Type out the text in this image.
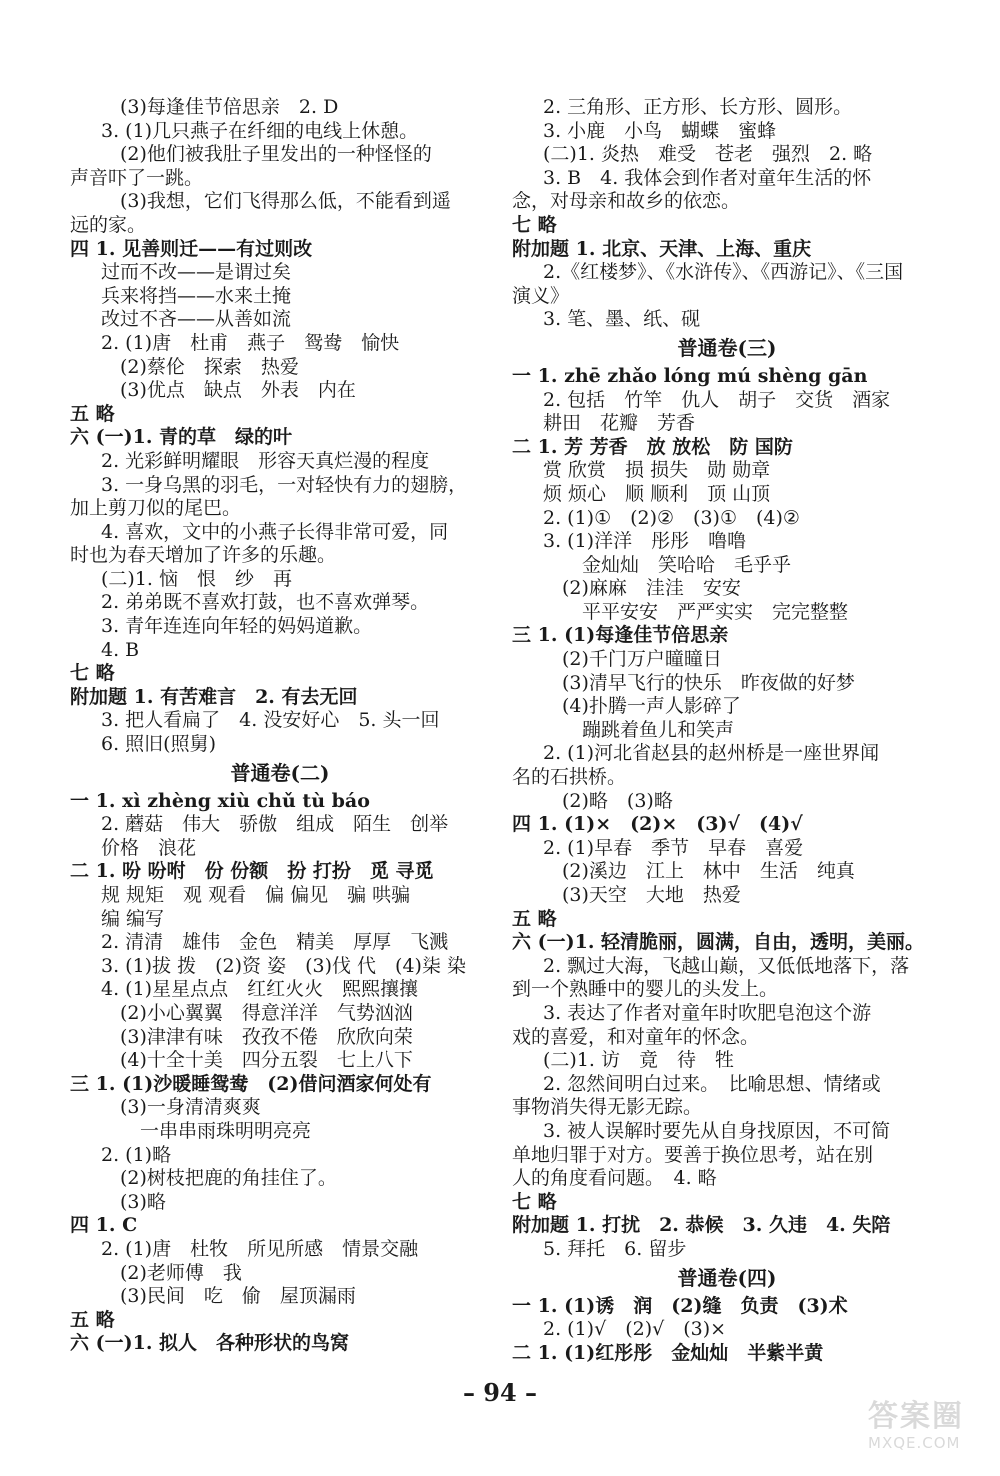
(3)每逢佳节倍思亲　2. D
3. (1)几只燕子在纤细的电线上休憩。
(2)他们被我肚子里发出的一种怪怪的
声音吓了一跳。
(3)我想，它们飞得那么低，不能看到遥
远的家。
四 1. 见善则迁——有过则改
过而不改——是谓过矣
兵来将挡——水来土掩
改过不吝——从善如流
2. (1)唐　杜甫　燕子　鸳鸯　愉快
(2)蔡伦　探索　热爱
(3)优点　缺点　外表　内在
五 略
六 (一)1. 青的草　绿的叶
2. 光彩鲜明耀眼　形容天真烂漫的程度
3. 一身乌黑的羽毛，一对轻快有力的翅膀，
加上剪刀似的尾巴。
4. 喜欢，文中的小燕子长得非常可爱，同
时也为春天增加了许多的乐趣。
(二)1. 恼　恨　纱　再
2. 弟弟既不喜欢打鼓，也不喜欢弹琴。
3. 青年连连向年轻的妈妈道歉。
4. B
七 略
附加题 1. 有苦难言　2. 有去无回
3. 把人看扁了　4. 没安好心　5. 头一回
6. 照旧(照舅)
普通卷(二)
一 1. xì zhèng xiù chǔ tù báo
2. 蘑菇　伟大　骄傲　组成　陌生　创举
价格　浪花
二 1. 吩 吩咐　份 份额　扮 打扮　觅 寻觅
规 规矩　观 观看　偏 偏见　骗 哄骗
编 编写
2. 清清　雄伟　金色　精美　厚厚　飞溅
3. (1)拔 拨　(2)资 姿　(3)伐 代　(4)柒 染
4. (1)星星点点　红红火火　熙熙攘攘
(2)小心翼翼　得意洋洋　气势汹汹
(3)津津有味　孜孜不倦　欣欣向荣
(4)十全十美　四分五裂　七上八下
三 1. (1)沙暖睡鸳鸯　(2)借问酒家何处有
(3)一身清清爽爽
一串串雨珠明明亮亮
2. (1)略
(2)树枝把鹿的角挂住了。
(3)略
四 1. C
2. (1)唐　杜牧　所见所感　情景交融
(2)老师傅　我
(3)民间　吃　偷　屋顶漏雨
五 略
六 (一)1. 拟人　各种形状的鸟窝
2. 三角形、正方形、长方形、圆形。
3. 小鹿　小鸟　蝴蝶　蜜蜂
(二)1. 炎热　难受　苍老　强烈　2. 略
3. B　4. 我体会到作者对童年生活的怀
念，对母亲和故乡的依恋。
七 略
附加题 1. 北京、天津、上海、重庆
2.《红楼梦》、《水浒传》、《西游记》、《三国
演义》
3. 笔、墨、纸、砚
普通卷(三)
一 1. zhē zhǎo lóng mú shèng gān
2. 包括　竹竿　仇人　胡子　交货　酒家
耕田　花瓣　芳香
二 1. 芳 芳香　放 放松　防 国防
赏 欣赏　损 损失　勋 勋章
烦 烦心　顺 顺利　顶 山顶
2. (1)①　(2)②　(3)①　(4)②
3. (1)洋洋　彤彤　噜噜
金灿灿　笑哈哈　毛乎乎
(2)麻麻　洼洼　安安
平平安安　严严实实　完完整整
三 1. (1)每逢佳节倍思亲
(2)千门万户曈曈日
(3)清早飞行的快乐　昨夜做的好梦
(4)扑腾一声人影碎了
蹦跳着鱼儿和笑声
2. (1)河北省赵县的赵州桥是一座世界闻
名的石拱桥。
(2)略　(3)略
四 1. (1)×　(2)×　(3)√　(4)√
2. (1)早春　季节　早春　喜爱
(2)溪边　江上　林中　生活　纯真
(3)天空　大地　热爱
五 略
六 (一)1. 轻清脆丽，圆满，自由，透明，美丽。
2. 飘过大海，飞越山巅，又低低地落下，落
到一个熟睡中的婴儿的头发上。
3. 表达了作者对童年时吹肥皂泡这个游
戏的喜爱，和对童年的怀念。
(二)1. 访　竟　待　牲
2. 忽然间明白过来。　比喻思想、情绪或
事物消失得无影无踪。
3. 被人误解时要先从自身找原因，不可简
单地归罪于对方。要善于换位思考，站在别
人的角度看问题。　4. 略
七 略
附加题 1. 打扰　2. 恭候　3. 久违　4. 失陪
5. 拜托　6. 留步
普通卷(四)
一 1. (1)诱　润　(2)缝　负责　(3)术
2. (1)√　(2)√　(3)×
二 1. (1)红彤彤　金灿灿　半紫半黄
– 94 –
答案圈
MXQE.COM
